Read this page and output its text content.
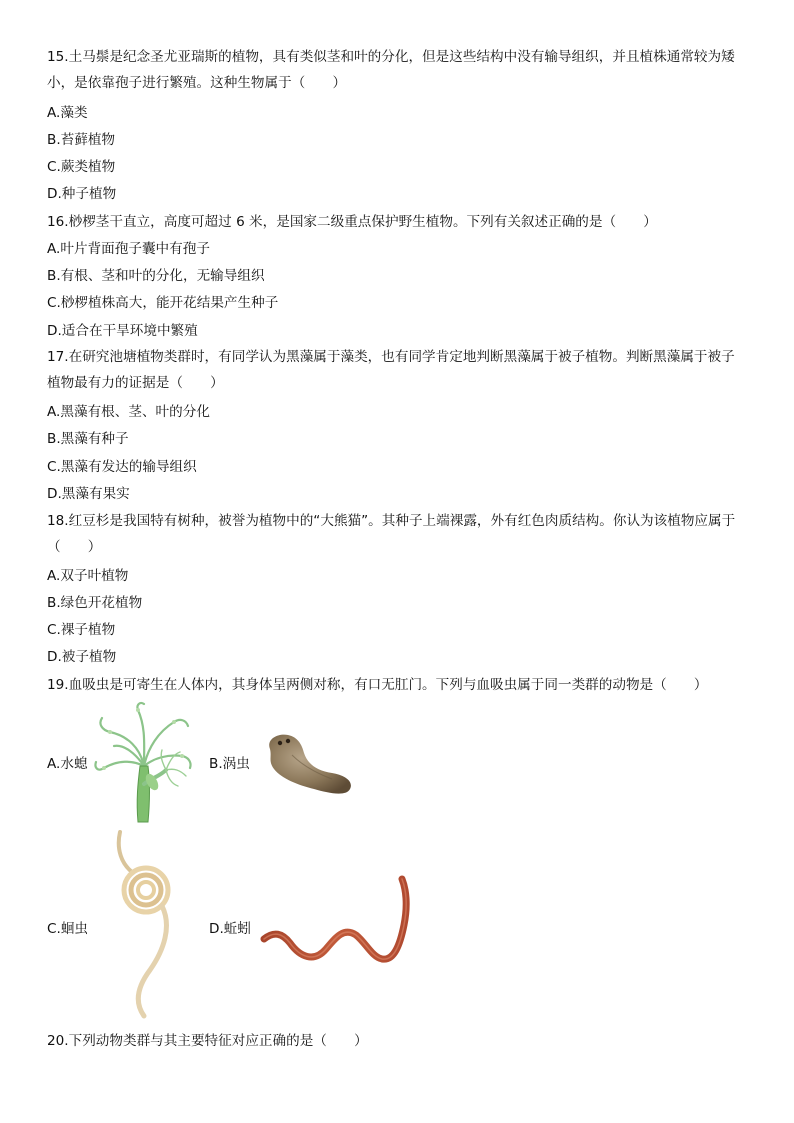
15.土马鬃是纪念圣尤亚瑞斯的植物，具有类似茎和叶的分化，但是这些结构中没有输导组织，并且植株通常较为矮小，是依靠孢子进行繁殖。这种生物属于（　　）
A.藻类
B.苔藓植物
C.蕨类植物
D.种子植物
16.桫椤茎干直立，高度可超过 6 米，是国家二级重点保护野生植物。下列有关叙述正确的是（　　）
A.叶片背面孢子囊中有孢子
B.有根、茎和叶的分化，无输导组织
C.桫椤植株高大，能开花结果产生种子
D.适合在干旱环境中繁殖
17.在研究池塘植物类群时，有同学认为黑藻属于藻类，也有同学肯定地判断黑藻属于被子植物。判断黑藻属于被子植物最有力的证据是（　　）
A.黑藻有根、茎、叶的分化
B.黑藻有种子
C.黑藻有发达的输导组织
D.黑藻有果实
18.红豆杉是我国特有树种，被誉为植物中的“大熊猫”。其种子上端裸露，外有红色肉质结构。你认为该植物应属于（　　）
A.双子叶植物
B.绿色开花植物
C.裸子植物
D.被子植物
19.血吸虫是可寄生在人体内，其身体呈两侧对称，有口无肛门。下列与血吸虫属于同一类群的动物是（　　）
A.水螅	B.涡虫
C.蛔虫	D.蚯蚓
20.下列动物类群与其主要特征对应正确的是（　　）
